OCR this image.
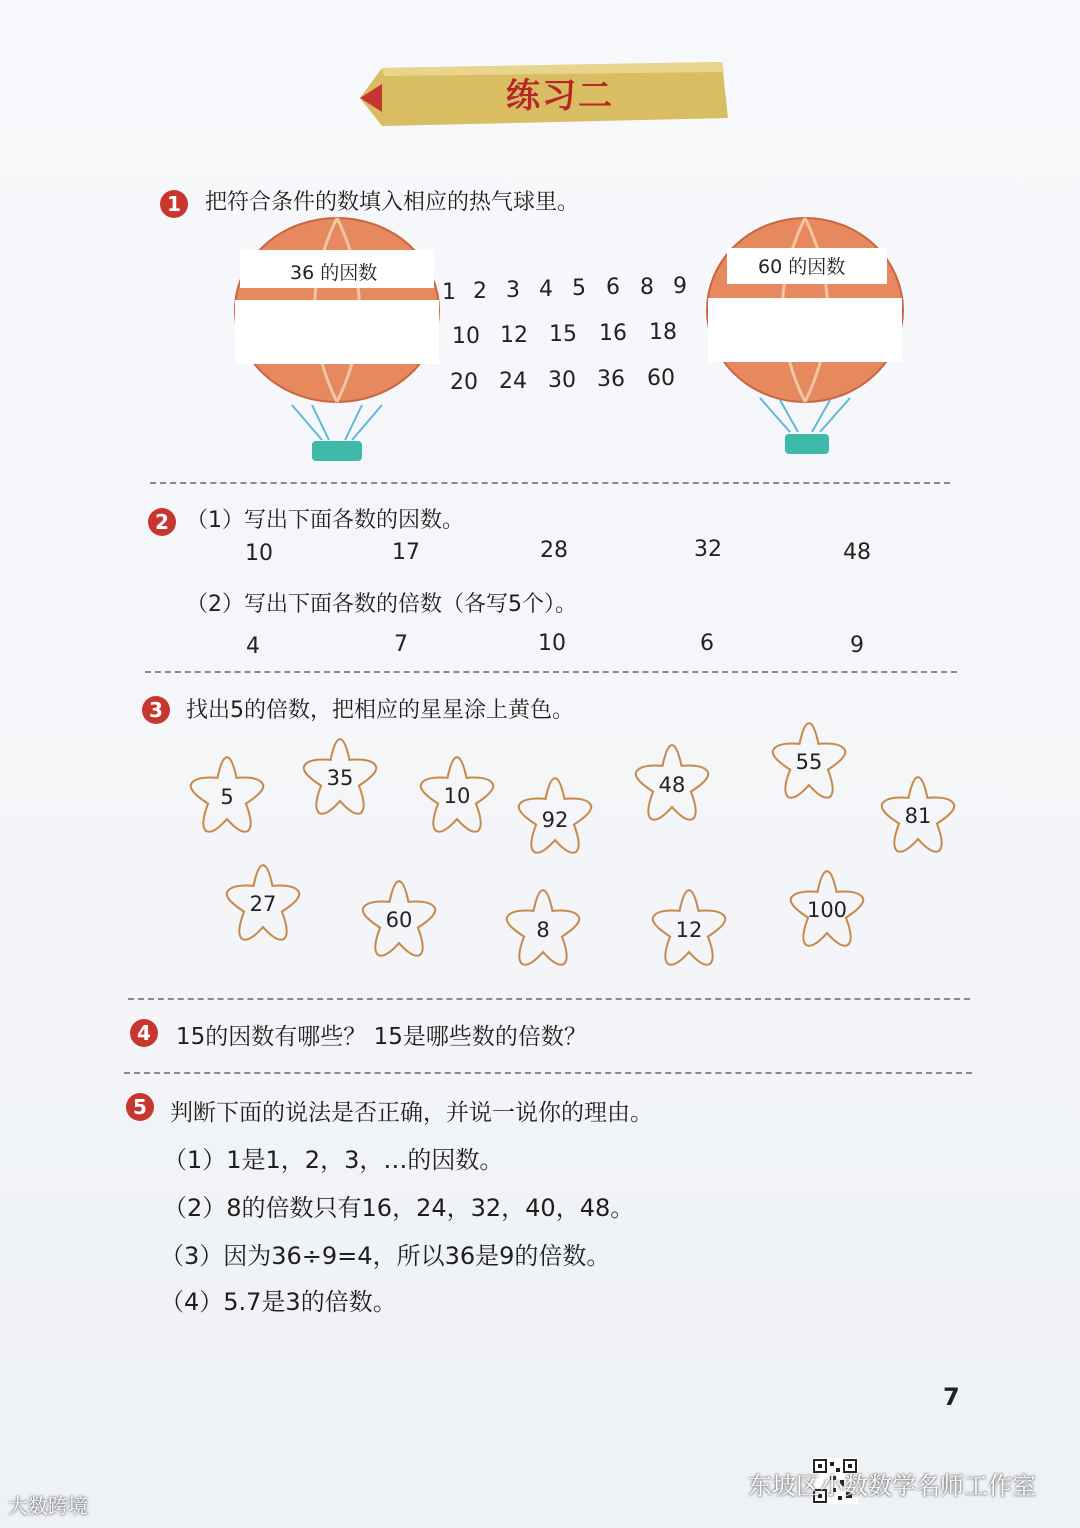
练习二
1	把符合条件的数填入相应的热气球里。
36 的因数	60 的因数
1 2 3 4 5 6 8 9
10 12 15 16 18
20 24 30 36 60
2 （1）写出下面各数的因数。
10	17	28	32	48
（2）写出下面各数的倍数（各写5个）。
4	7	10	6	9
3	找出5的倍数，把相应的星星涂上黄色。
5
35
10
92
48
55
81
27
60	8	12
100
4	15的因数有哪些？ 15是哪些数的倍数？
5	判断下面的说法是否正确，并说一说你的理由。
（1）1是1，2，3，…的因数。
（2）8的倍数只有16，24，32，40，48。
（3）因为36÷9=4，所以36是9的倍数。
（4）5.7是3的倍数。
7
大数跨境
东坡区小数数学名师工作室
